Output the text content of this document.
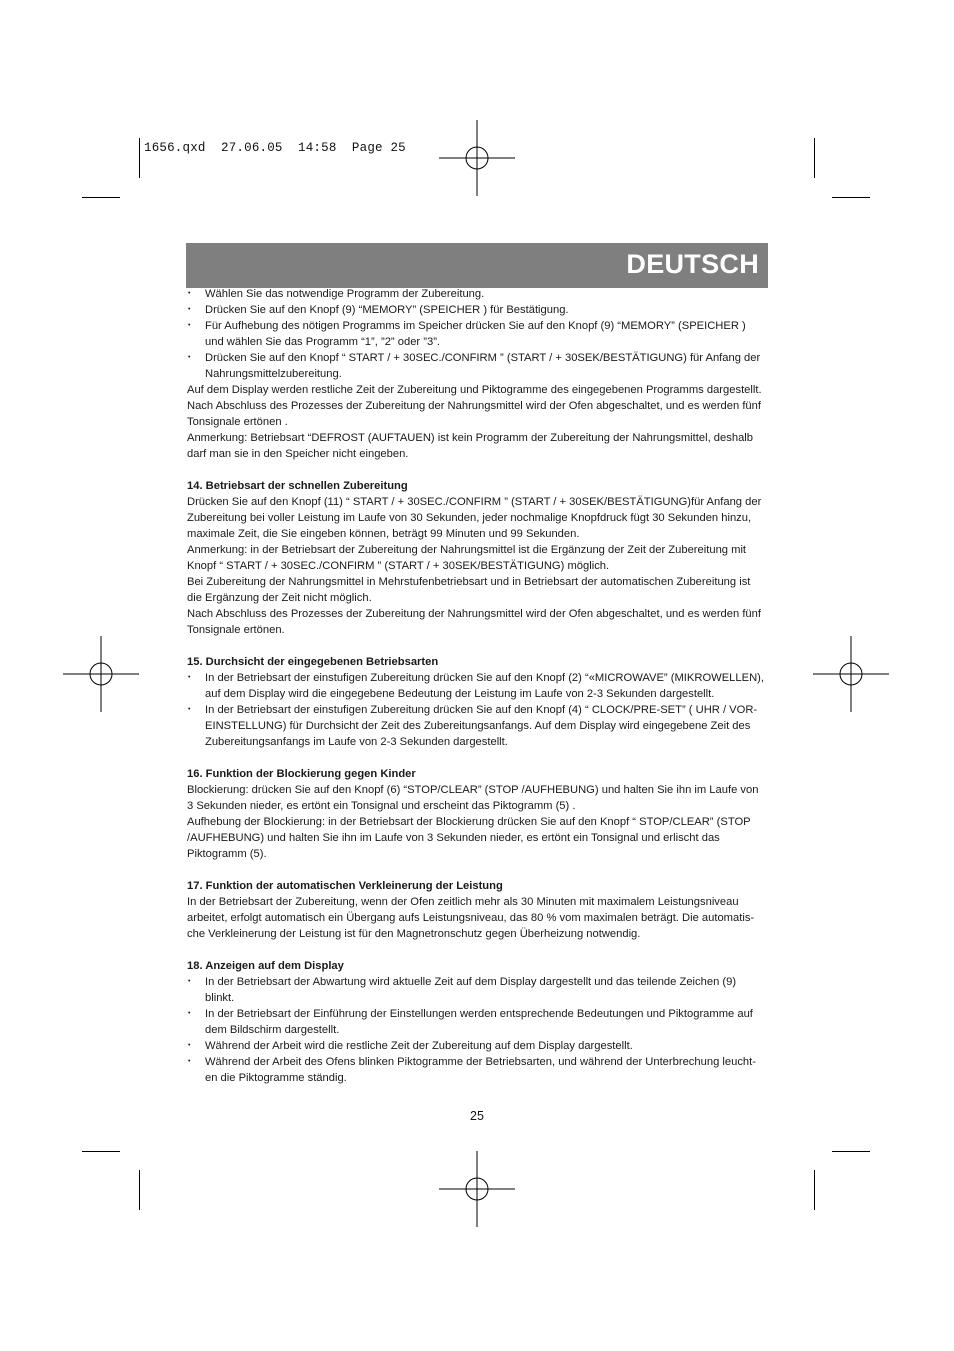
1656.qxd  27.06.05  14:58  Page 25
DEUTSCH
• Wählen Sie das notwendige Programm der Zubereitung.
• Drücken Sie auf den Knopf (9) “MEMORY” (SPEICHER ) für Bestätigung.
• Für Aufhebung des nötigen Programms im Speicher drücken Sie auf den Knopf (9) “MEMORY” (SPEICHER ) und wählen Sie das Programm “1”, ”2” oder ”3”.
• Drücken Sie auf den Knopf “ START / + 30SEC./CONFIRM ” (START / + 30SEK/BESTÄTIGUNG) für Anfang der Nahrungsmittelzubereitung.

Auf dem Display werden restliche Zeit der Zubereitung und Piktogramme des eingegebenen Programms dargestellt.

Nach Abschluss des Prozesses der Zubereitung der Nahrungsmittel wird der Ofen abgeschaltet, und es werden fünf Tonsignale ertönen .

Anmerkung: Betriebsart “DEFROST (AUFTAUEN) ist kein Programm der Zubereitung der Nahrungsmittel, deshalb darf man sie in den Speicher nicht eingeben.

14. Betriebsart der schnellen Zubereitung

Drücken Sie auf den Knopf (11) “ START / + 30SEC./CONFIRM ” (START / + 30SEK/BESTÄTIGUNG)für Anfang der Zubereitung bei voller Leistung im Laufe von 30 Sekunden, jeder nochmalige Knopfdruck fügt 30 Sekunden hinzu, maximale Zeit, die Sie eingeben können, beträgt 99 Minuten und 99 Sekunden.

Anmerkung: in der Betriebsart der Zubereitung der Nahrungsmittel ist die Ergänzung der Zeit der Zubereitung mit Knopf “ START / + 30SEC./CONFIRM ” (START / + 30SEK/BESTÄTIGUNG) möglich.

Bei Zubereitung der Nahrungsmittel in Mehrstufenbetriebsart und in Betriebsart der automatischen Zubereitung ist die Ergänzung der Zeit nicht möglich.

Nach Abschluss des Prozesses der Zubereitung der Nahrungsmittel wird der Ofen abgeschaltet, und es werden fünf Tonsignale ertönen.

15. Durchsicht der eingegebenen Betriebsarten
• In der Betriebsart der einstufigen Zubereitung drücken Sie auf den Knopf (2) “«MICROWAVE” (MIKROWELLEN), auf dem Display wird die eingegebene Bedeutung der Leistung im Laufe von 2-3 Sekunden dargestellt.
• In der Betriebsart der einstufigen Zubereitung drücken Sie auf den Knopf (4) “ CLOCK/PRE-SET” ( UHR / VOR-EINSTELLUNG) für Durchsicht der Zeit des Zubereitungsanfangs. Auf dem Display wird eingegebene Zeit des Zubereitungsanfangs im Laufe von 2-3 Sekunden dargestellt.
16. Funktion der Blockierung gegen Kinder

Blockierung: drücken Sie auf den Knopf (6) “STOP/CLEAR” (STOP /AUFHEBUNG) und halten Sie ihn im Laufe von 3 Sekunden nieder, es ertönt ein Tonsignal und erscheint das Piktogramm (5) .

Aufhebung der Blockierung: in der Betriebsart der Blockierung drücken Sie auf den Knopf “ STOP/CLEAR” (STOP /AUFHEBUNG) und halten Sie ihn im Laufe von 3 Sekunden nieder, es ertönt ein Tonsignal und erlischt das Piktogramm (5).

17. Funktion der automatischen Verkleinerung der Leistung

In der Betriebsart der Zubereitung, wenn der Ofen zeitlich mehr als 30 Minuten mit maximalem Leistungsniveau arbeitet, erfolgt automatisch ein Übergang aufs Leistungsniveau, das 80 % vom maximalen beträgt. Die automatis-che Verkleinerung der Leistung ist für den Magnetronschutz gegen Überheizung notwendig.

18. Anzeigen auf dem Display
• In der Betriebsart der Abwartung wird aktuelle Zeit auf dem Display dargestellt und das teilende Zeichen (9) blinkt.
• In der Betriebsart der Einführung der Einstellungen werden entsprechende Bedeutungen und Piktogramme auf dem Bildschirm dargestellt.
• Während der Arbeit wird die restliche Zeit der Zubereitung auf dem Display dargestellt.
• Während der Arbeit des Ofens blinken Piktogramme der Betriebsarten, und während der Unterbrechung leucht-en die Piktogramme ständig.
25
